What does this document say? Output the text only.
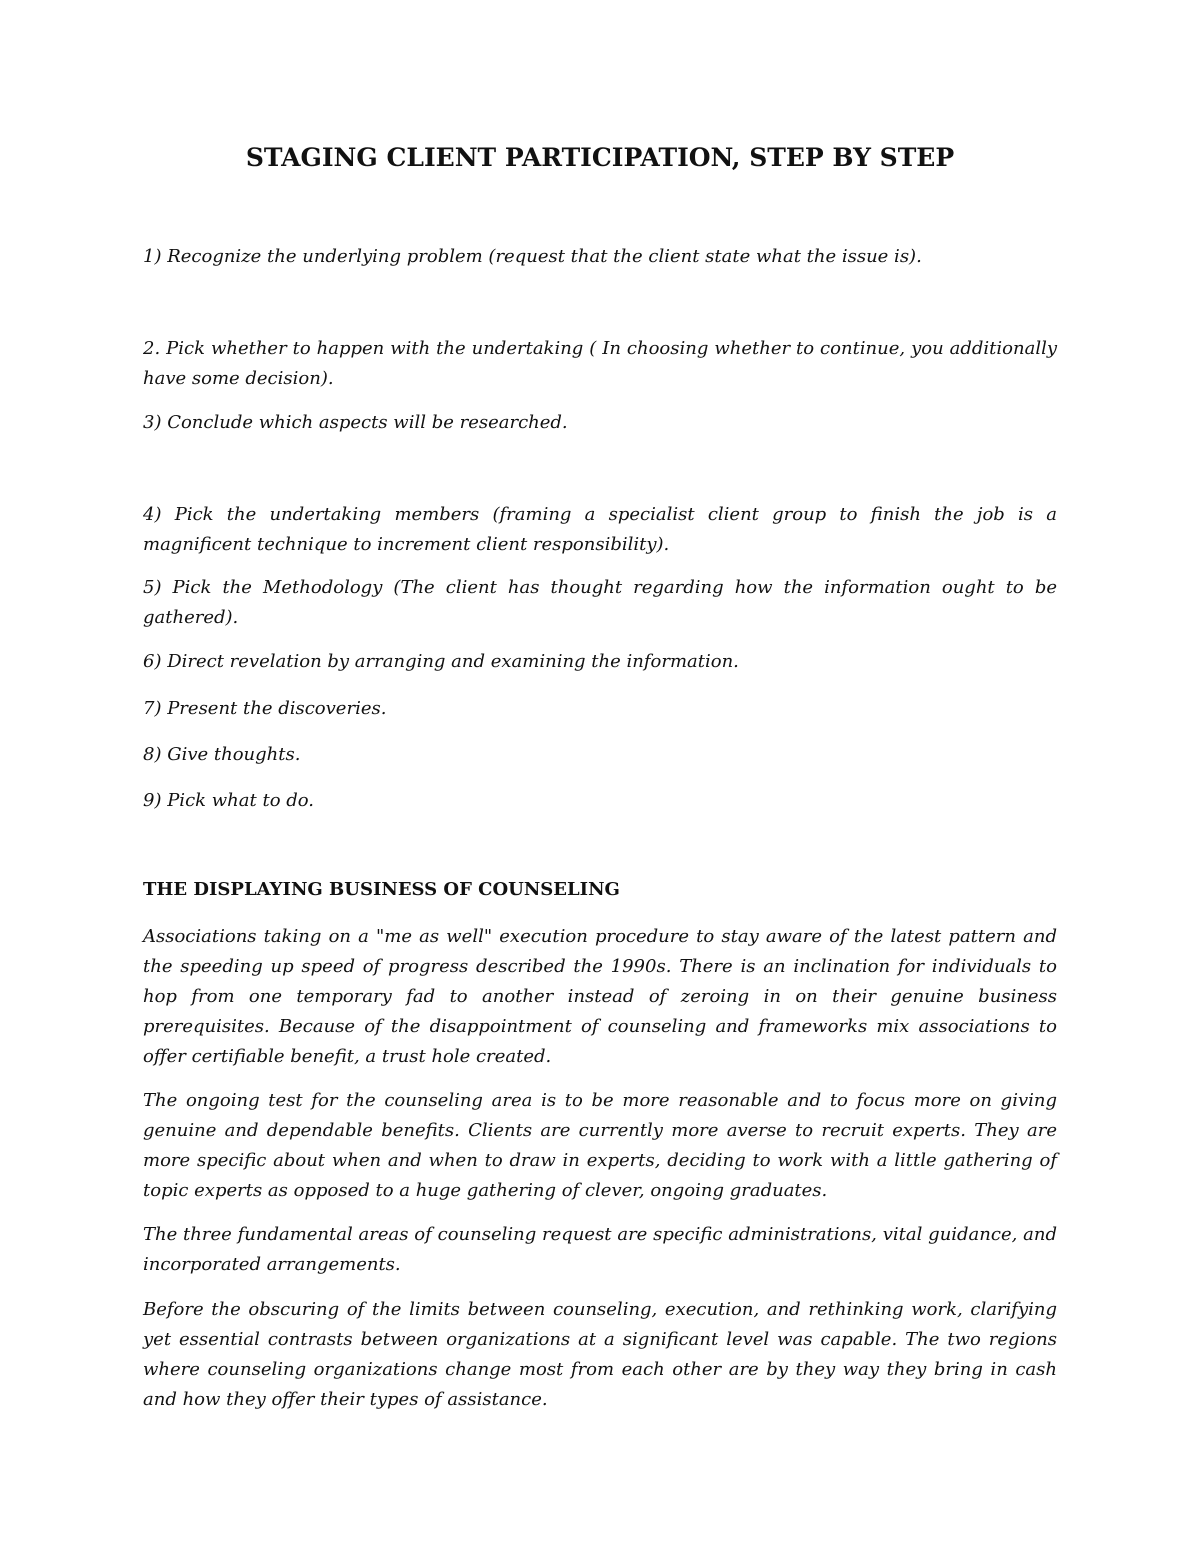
STAGING CLIENT PARTICIPATION, STEP BY STEP

1) Recognize the underlying problem (request that the client state what the issue is).

2. Pick whether to happen with the undertaking ( In choosing whether to continue, you additionally have some decision).

3) Conclude which aspects will be researched.

4) Pick the undertaking members (framing a specialist client group to finish the job is a magnificent technique to increment client responsibility).

5) Pick the Methodology (The client has thought regarding how the information ought to be gathered).

6) Direct revelation by arranging and examining the information.

7) Present the discoveries.

8) Give thoughts.

9) Pick what to do.

THE DISPLAYING BUSINESS OF COUNSELING

Associations taking on a "me as well" execution procedure to stay aware of the latest pattern and the speeding up speed of progress described the 1990s. There is an inclination for individuals to hop from one temporary fad to another instead of zeroing in on their genuine business prerequisites. Because of the disappointment of counseling and frameworks mix associations to offer certifiable benefit, a trust hole created.

The ongoing test for the counseling area is to be more reasonable and to focus more on giving genuine and dependable benefits. Clients are currently more averse to recruit experts. They are more specific about when and when to draw in experts, deciding to work with a little gathering of topic experts as opposed to a huge gathering of clever, ongoing graduates.

The three fundamental areas of counseling request are specific administrations, vital guidance, and incorporated arrangements.

Before the obscuring of the limits between counseling, execution, and rethinking work, clarifying yet essential contrasts between organizations at a significant level was capable. The two regions where counseling organizations change most from each other are by they way they bring in cash and how they offer their types of assistance.
